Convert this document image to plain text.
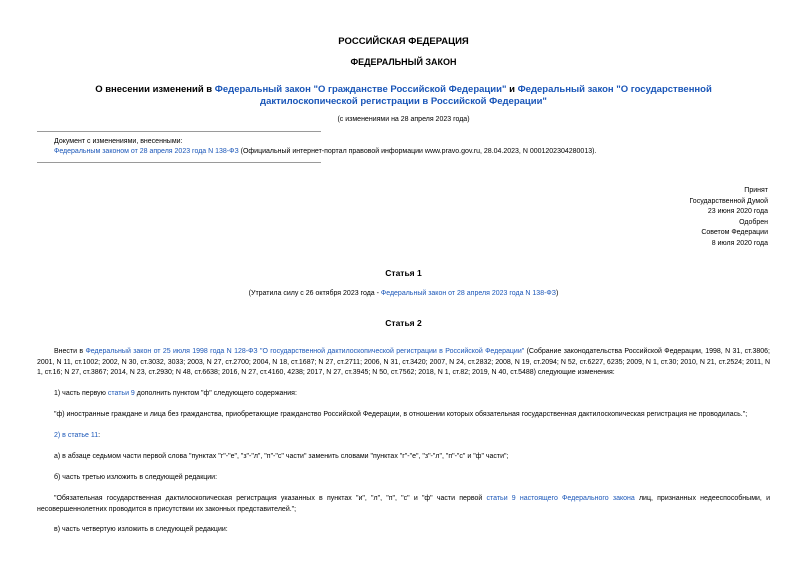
РОССИЙСКАЯ ФЕДЕРАЦИЯ
ФЕДЕРАЛЬНЫЙ ЗАКОН
О внесении изменений в Федеральный закон "О гражданстве Российской Федерации" и Федеральный закон "О государственной дактилоскопической регистрации в Российской Федерации"
(с изменениями на 28 апреля 2023 года)
Документ с изменениями, внесенными:
Федеральным законом от 28 апреля 2023 года N 138-ФЗ (Официальный интернет-портал правовой информации www.pravo.gov.ru, 28.04.2023, N 0001202304280013).
Принят
Государственной Думой
23 июня 2020 года
Одобрен
Советом Федерации
8 июля 2020 года
Статья 1
(Утратила силу с 26 октября 2023 года - Федеральный закон от 28 апреля 2023 года N 138-ФЗ)
Статья 2
Внести в Федеральный закон от 25 июля 1998 года N 128-ФЗ "О государственной дактилоскопической регистрации в Российской Федерации" (Собрание законодательства Российской Федерации, 1998, N 31, ст.3806; 2001, N 11, ст.1002; 2002, N 30, ст.3032, 3033; 2003, N 27, ст.2700; 2004, N 18, ст.1687; N 27, ст.2711; 2006, N 31, ст.3420; 2007, N 24, ст.2832; 2008, N 19, ст.2094; N 52, ст.6227, 6235; 2009, N 1, ст.30; 2010, N 21, ст.2524; 2011, N 1, ст.16; N 27, ст.3867; 2014, N 23, ст.2930; N 48, ст.6638; 2016, N 27, ст.4160, 4238; 2017, N 27, ст.3945; N 50, ст.7562; 2018, N 1, ст.82; 2019, N 40, ст.5488) следующие изменения:
1) часть первую статьи 9 дополнить пунктом "ф" следующего содержания:
"ф) иностранные граждане и лица без гражданства, приобретающие гражданство Российской Федерации, в отношении которых обязательная государственная дактилоскопическая регистрация не проводилась.";
2) в статье 11:
а) в абзаце седьмом части первой слова "пунктах "г"-"е", "з"-"л", "п"-"с" части" заменить словами "пунктах "г"-"е", "з"-"л", "п"-"с" и "ф" части";
б) часть третью изложить в следующей редакции:
"Обязательная государственная дактилоскопическая регистрация указанных в пунктах "и", "л", "п", "с" и "ф" части первой статьи 9 настоящего Федерального закона лиц, признанных недееспособными, и несовершеннолетних проводится в присутствии их законных представителей.";
в) часть четвертую изложить в следующей редакции:
